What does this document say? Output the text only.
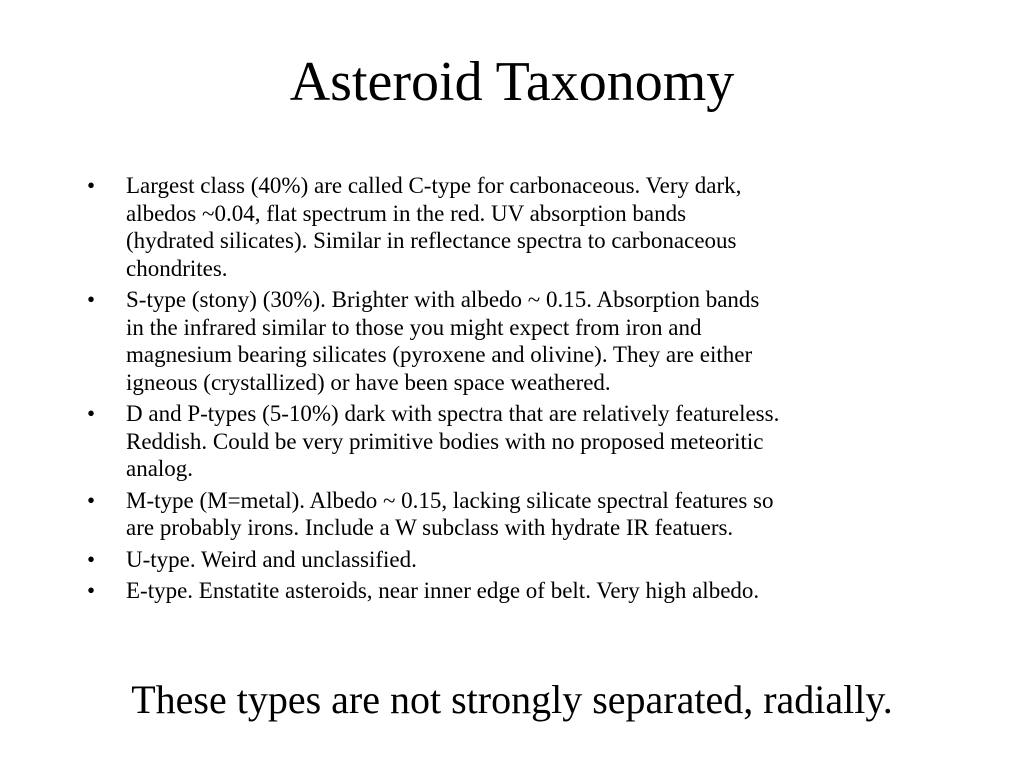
Asteroid Taxonomy
•	Largest class (40%) are called C-type for carbonaceous. Very dark,
albedos ~0.04, flat spectrum in the red. UV absorption bands
(hydrated silicates). Similar in reflectance spectra to carbonaceous
chondrites.
•	S-type (stony) (30%). Brighter with albedo ~ 0.15. Absorption bands
in the infrared similar to those you might expect from iron and
magnesium bearing silicates (pyroxene and olivine). They are either
igneous (crystallized) or have been space weathered.
•	D and P-types (5-10%) dark with spectra that are relatively featureless.
Reddish. Could be very primitive bodies with no proposed meteoritic
analog.
•	M-type (M=metal). Albedo ~ 0.15, lacking silicate spectral features so
are probably irons. Include a W subclass with hydrate IR featuers.
•	U-type. Weird and unclassified.
•	E-type. Enstatite asteroids, near inner edge of belt. Very high albedo.
These types are not strongly separated, radially.
